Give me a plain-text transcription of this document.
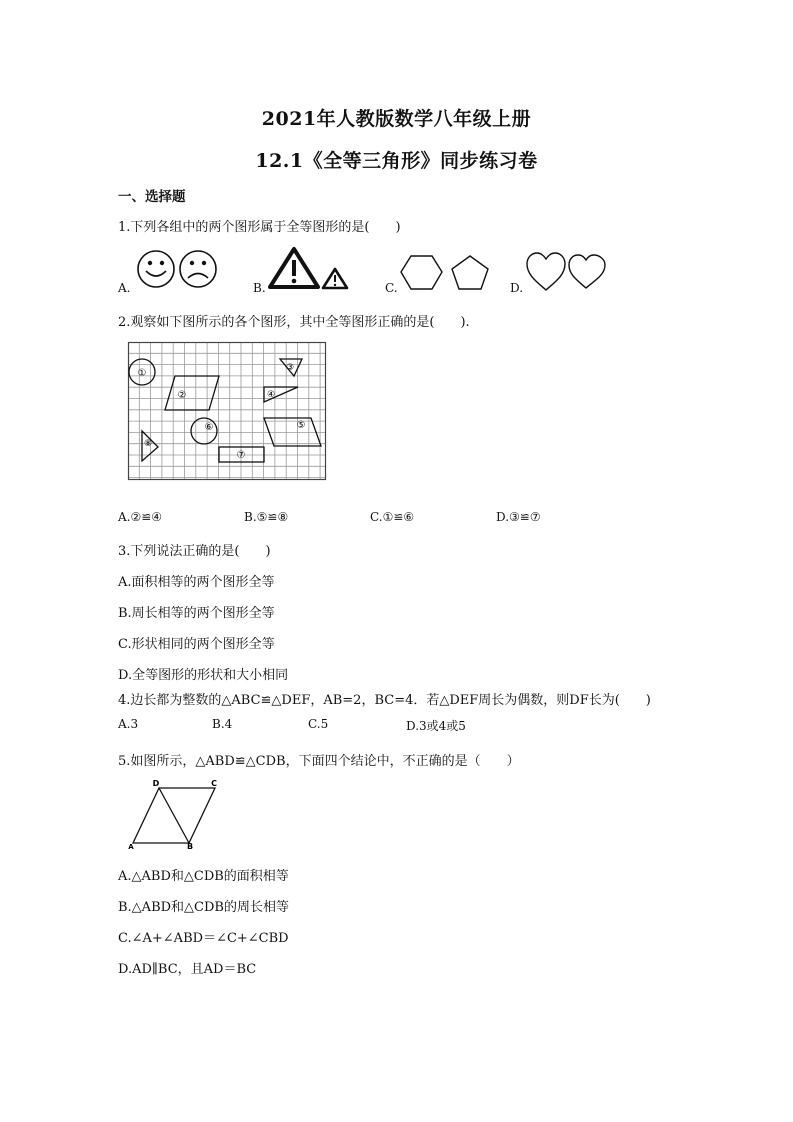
2021年人教版数学八年级上册
12.1《全等三角形》同步练习卷
一、选择题
1.下列各组中的两个图形属于全等图形的是(　　)
A.	B.	C.	D.
2.观察如下图所示的各个图形，其中全等图形正确的是(　　).
①
②
③
④
⑤
⑥
⑦
⑧
A.②≌④	B.⑤≌⑧	C.①≌⑥	D.③≌⑦
3.下列说法正确的是(　　)
A.面积相等的两个图形全等
B.周长相等的两个图形全等
C.形状相同的两个图形全等
D.全等图形的形状和大小相同
4.边长都为整数的△ABC≌△DEF，AB=2，BC=4．若△DEF周长为偶数，则DF长为(　　)
A.3	B.4	C.5	D.3或4或5
5.如图所示，△ABD≌△CDB，下面四个结论中，不正确的是（　　）
D	C
A	B
A.△ABD和△CDB的面积相等
B.△ABD和△CDB的周长相等
C.∠A+∠ABD＝∠C+∠CBD
D.AD∥BC，且AD＝BC
